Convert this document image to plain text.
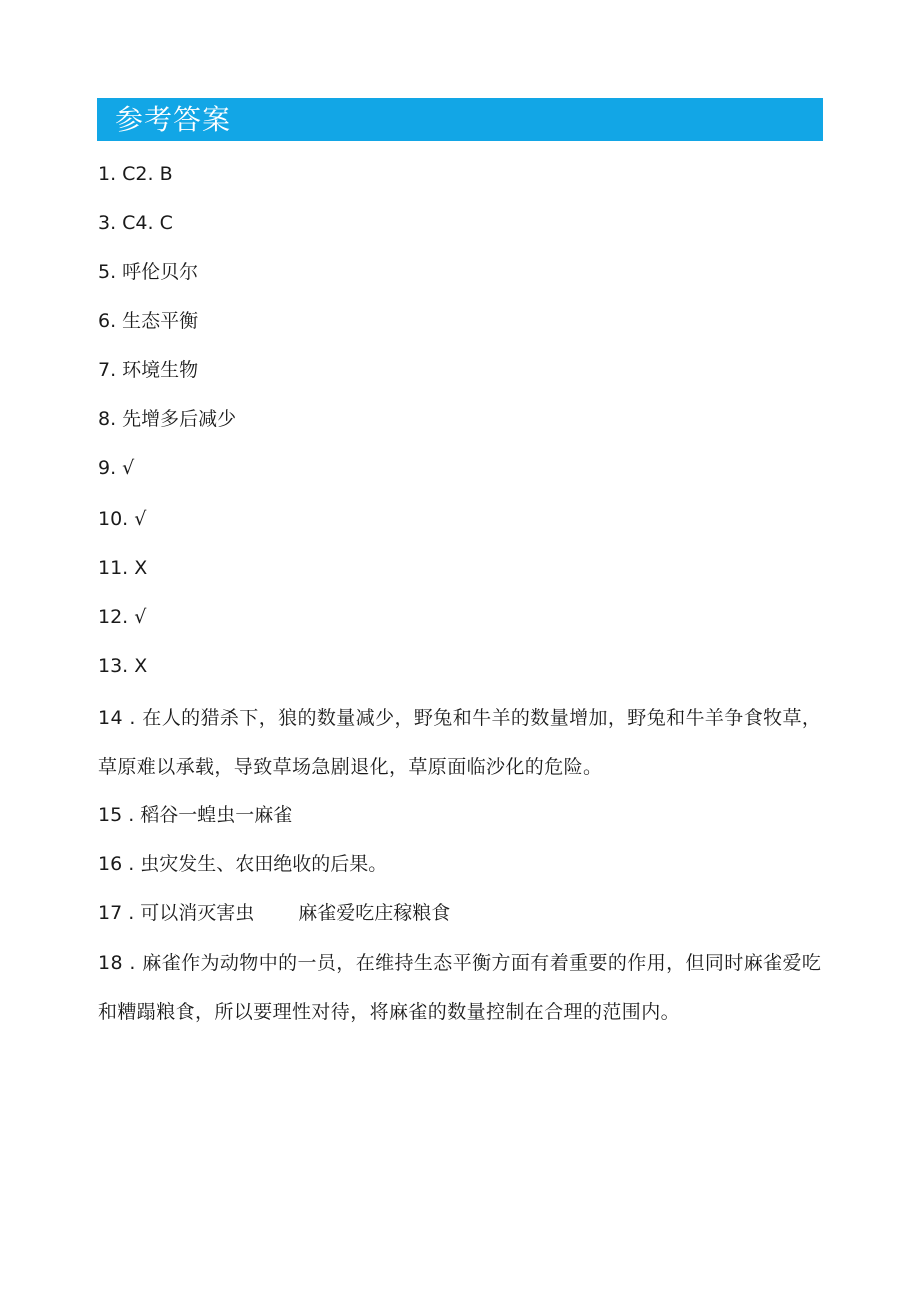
参考答案
1. C2. B
3. C4. C
5. 呼伦贝尔
6. 生态平衡
7. 环境生物
8. 先增多后减少
9. √
10. √
11. X
12. √
13. X
14 . 在人的猎杀下，狼的数量减少，野兔和牛羊的数量增加，野兔和牛羊争食牧草，草原难以承载，导致草场急剧退化，草原面临沙化的危险。
15 . 稻谷一蝗虫一麻雀
16 . 虫灾发生、农田绝收的后果。
17 . 可以消灭害虫 麻雀爱吃庄稼粮食
18 . 麻雀作为动物中的一员，在维持生态平衡方面有着重要的作用，但同时麻雀爱吃和糟蹋粮食，所以要理性对待，将麻雀的数量控制在合理的范围内。
